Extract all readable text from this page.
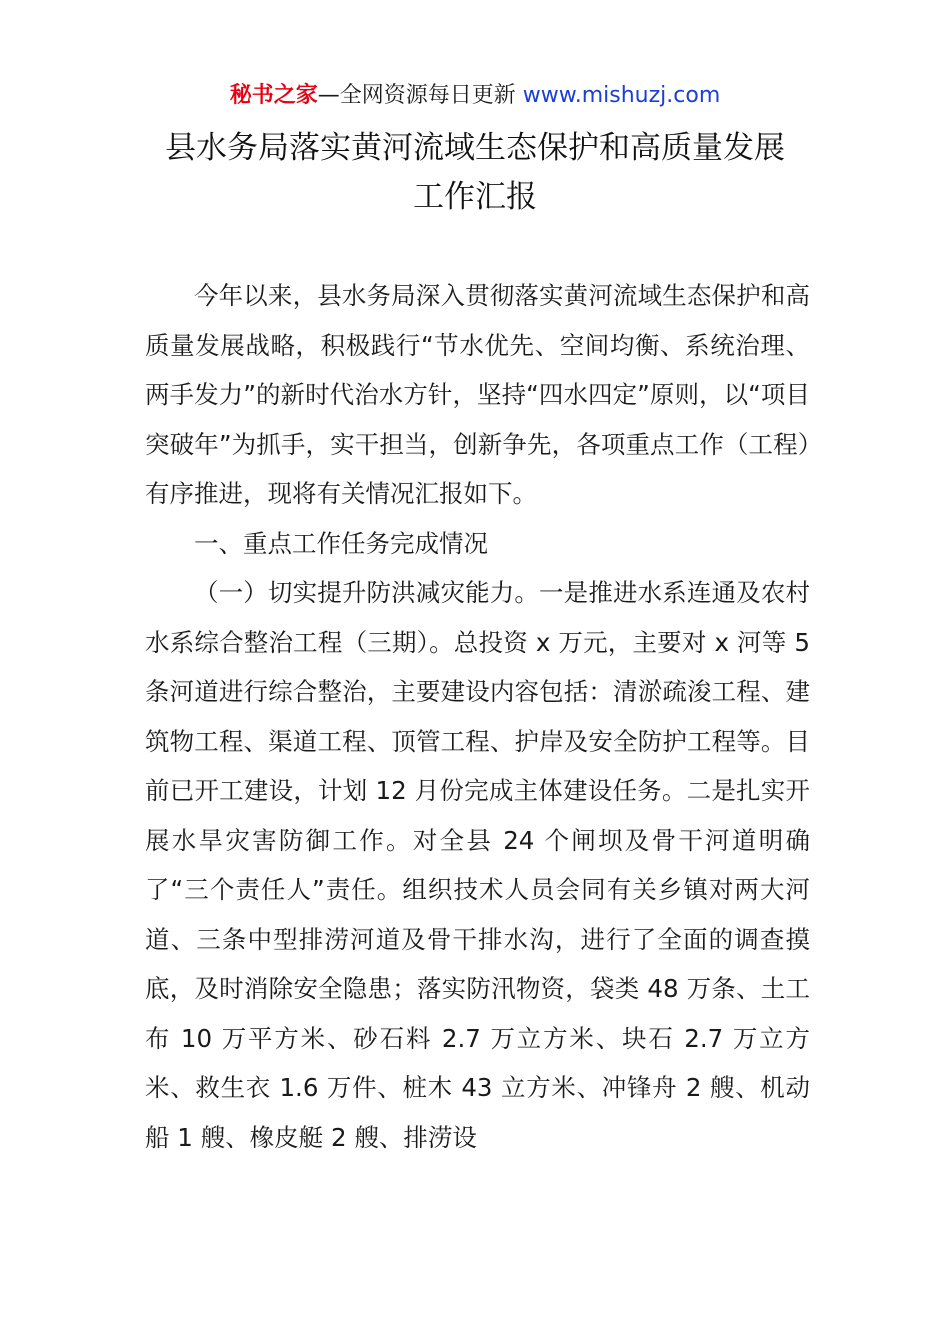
秘书之家—全网资源每日更新 www.mishuzj.com
县水务局落实黄河流域生态保护和高质量发展
工作汇报

今年以来，县水务局深入贯彻落实黄河流域生态保护和高质量发展战略，积极践行“节水优先、空间均衡、系统治理、两手发力”的新时代治水方针，坚持“四水四定”原则，以“项目突破年”为抓手，实干担当，创新争先，各项重点工作（工程）有序推进，现将有关情况汇报如下。

一、重点工作任务完成情况

（一）切实提升防洪减灾能力。一是推进水系连通及农村水系综合整治工程（三期）。总投资 x 万元，主要对 x 河等 5 条河道进行综合整治，主要建设内容包括：清淤疏浚工程、建筑物工程、渠道工程、顶管工程、护岸及安全防护工程等。目前已开工建设，计划 12 月份完成主体建设任务。二是扎实开展水旱灾害防御工作。对全县 24 个闸坝及骨干河道明确了“三个责任人”责任。组织技术人员会同有关乡镇对两大河道、三条中型排涝河道及骨干排水沟，进行了全面的调查摸底，及时消除安全隐患；落实防汛物资，袋类 48 万条、土工布 10 万平方米、砂石料 2.7 万立方米、块石 2.7 万立方米、救生衣 1.6 万件、桩木 43 立方米、冲锋舟 2 艘、机动船 1 艘、橡皮艇 2 艘、排涝设
